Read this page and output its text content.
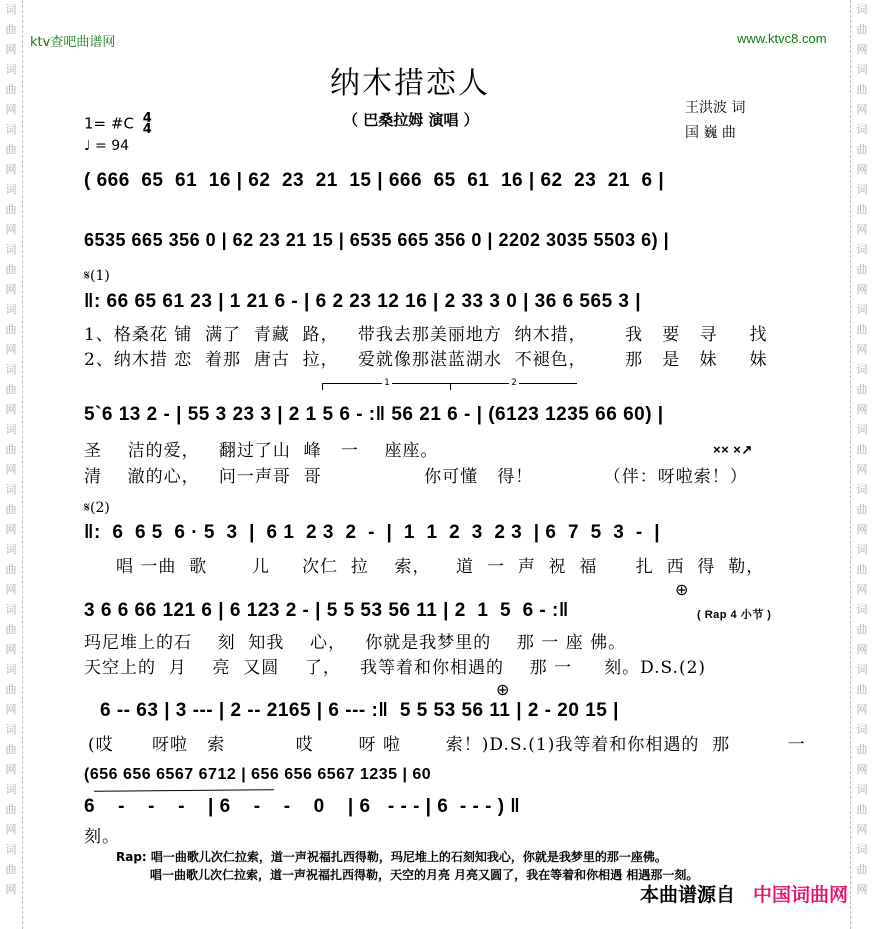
词
曲
网
词
曲
网
词
曲
网
词
曲
网
词
曲
网
词
曲
网
词
曲
网
词
曲
网
词
曲
网
词
曲
网
词
曲
网
词
曲
网
词
曲
网
词
曲
网
词
曲
网
词
曲
网
词
曲
网
词
曲
网
词
曲
网
词
曲
网
词
曲
网
词
曲
网
词
曲
网
词
曲
网
词
曲
网
词
曲
网
词
曲
网
词
曲
网
词
曲
网
词
曲
网
ktv查吧曲谱网	www.ktvc8.com
纳木措恋人
（ 巴桑拉姆 演唱 ）
王洪波 词
国 巍 曲
1= #C 4
4
♩ = 94
( 666  65  61  16 | 62  23  21  15 | 666  65  61  16 | 62  23  21  6 |
6535 665 356 0 | 62 23 21 15 | 6535 665 356 0 | 2202 3035 5503 6) |
𝄋(1)
‖: 66 65 61 23 | 1 21 6 - | 6 2 23 12 16 | 2 33 3 0 | 36 6 565 3 |
1、格桑花 铺  满了  青藏  路，   带我去那美丽地方  纳木措，      我   要   寻     找
2、纳木措 恋  着那  唐古  拉，   爱就像那湛蓝湖水  不褪色，      那   是   妹     妹
1	2
5`6 13 2 - | 55 3 23 3 | 2 1 5 6 - :‖ 56 21 6 - | (6123 1235 66 60) |
圣    洁的爱，   翻过了山  峰   一    座座。	×× ×↗
清    澈的心，   问一声哥  哥                你可懂   得！           （伴：呀啦索！）
𝄋(2)
‖:  6  6 5  6 · 5  3  |  6 1  2 3  2  -  |  1  1  2  3  2 3  | 6  7  5  3  -  |
唱 一曲  歌       儿     次仁  拉    索，    道  一  声  祝  福      扎  西  得  勒，
⊕
3 6 6 66 121 6 | 6 123 2 - | 5 5 53 56 11 | 2  1  5  6 - :‖	( Rap 4 小节 )
玛尼堆上的石    刻  知我    心，   你就是我梦里的    那 一 座 佛。
天空上的  月    亮  又圆    了，   我等着和你相遇的    那 一     刻。D.S.(2)
⊕
6 -- 63 | 3 --- | 2 -- 2165 | 6 --- :‖  5 5 53 56 11 | 2 - 20 15 |
(哎      呀啦   索           哎       呀 啦       索！)D.S.(1)我等着和你相遇的  那         一
(656 656 6567 6712 | 656 656 6567 1235 | 60
6    -    -    -    | 6    -    -    0    | 6   - - - | 6  - - - ) ‖
刻。
Rap: 唱一曲歌儿次仁拉索，道一声祝福扎西得勒，玛尼堆上的石刻知我心，你就是我梦里的那一座佛。
唱一曲歌儿次仁拉索，道一声祝福扎西得勒，天空的月亮 月亮又圆了，我在等着和你相遇 相遇那一刻。
本曲谱源自 中国词曲网
